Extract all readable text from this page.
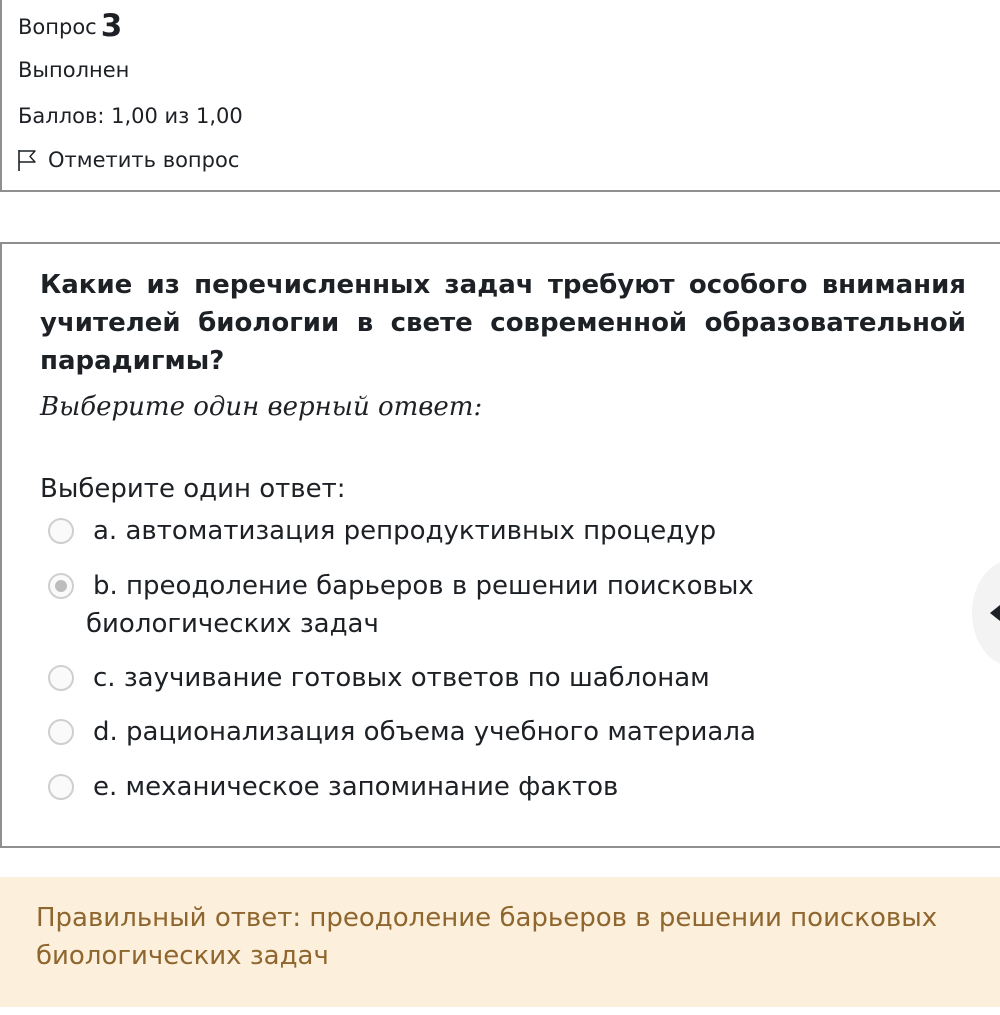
Вопрос 3
Выполнен
Баллов: 1,00 из 1,00
Отметить вопрос
Какие из перечисленных задач требуют особого внимания учителей биологии в свете современной образовательной парадигмы?
Выберите один верный ответ:
Выберите один ответ:
a. автоматизация репродуктивных процедур
b. преодоление барьеров в решении поисковых биологических задач
c. заучивание готовых ответов по шаблонам
d. рационализация объема учебного материала
e. механическое запоминание фактов
Правильный ответ: преодоление барьеров в решении поисковых биологических задач
